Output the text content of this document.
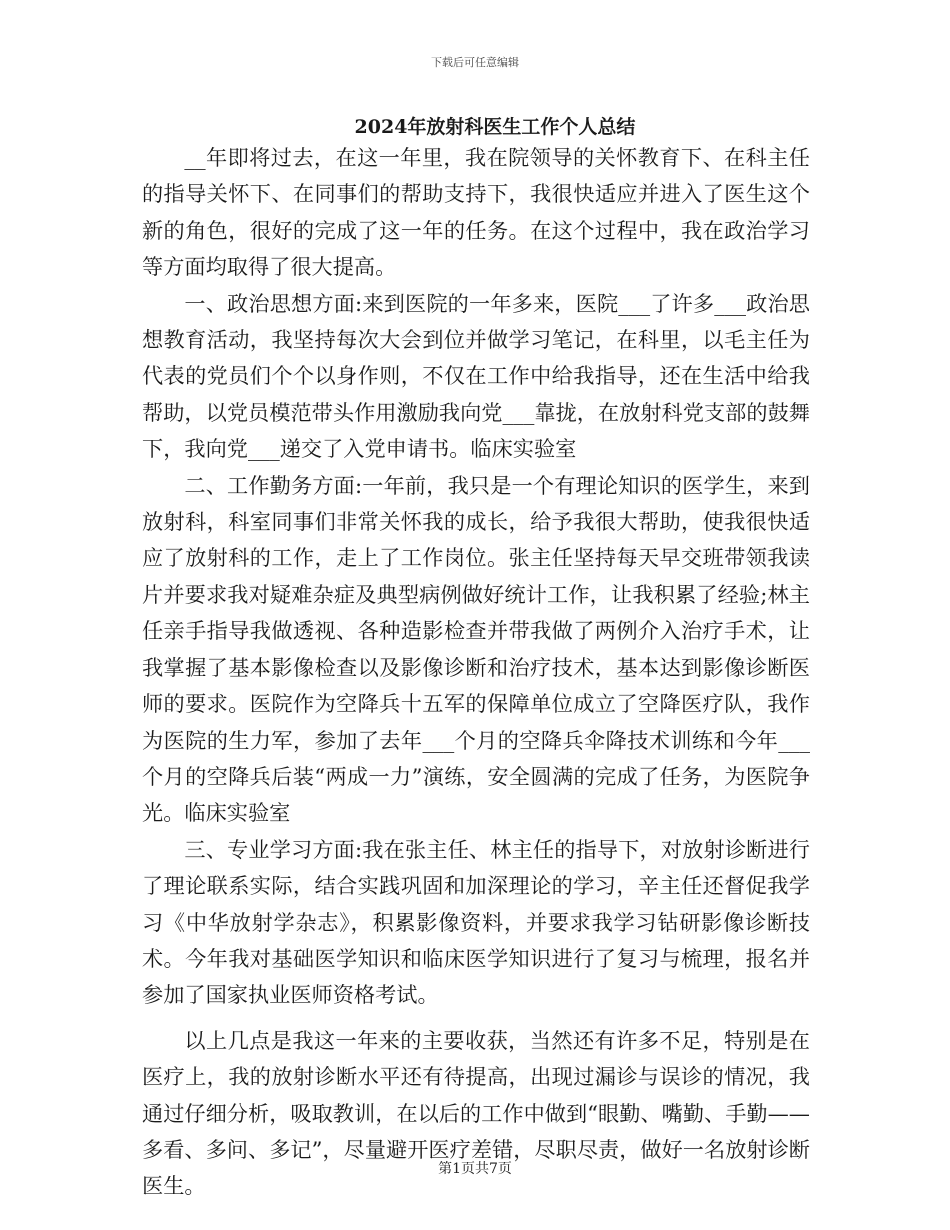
下载后可任意编辑
2024年放射科医生工作个人总结

__年即将过去，在这一年里，我在院领导的关怀教育下、在科主任的指导关怀下、在同事们的帮助支持下，我很快适应并进入了医生这个新的角色，很好的完成了这一年的任务。在这个过程中，我在政治学习等方面均取得了很大提高。

一、政治思想方面:来到医院的一年多来，医院___了许多___政治思想教育活动，我坚持每次大会到位并做学习笔记，在科里，以毛主任为代表的党员们个个以身作则，不仅在工作中给我指导，还在生活中给我帮助，以党员模范带头作用激励我向党___靠拢，在放射科党支部的鼓舞下，我向党___递交了入党申请书。临床实验室

二、工作勤务方面:一年前，我只是一个有理论知识的医学生，来到放射科，科室同事们非常关怀我的成长，给予我很大帮助，使我很快适应了放射科的工作，走上了工作岗位。张主任坚持每天早交班带领我读片并要求我对疑难杂症及典型病例做好统计工作，让我积累了经验;林主任亲手指导我做透视、各种造影检查并带我做了两例介入治疗手术，让我掌握了基本影像检查以及影像诊断和治疗技术，基本达到影像诊断医师的要求。医院作为空降兵十五军的保障单位成立了空降医疗队，我作为医院的生力军，参加了去年___个月的空降兵伞降技术训练和今年___个月的空降兵后装“两成一力”演练，安全圆满的完成了任务，为医院争光。临床实验室

三、专业学习方面:我在张主任、林主任的指导下，对放射诊断进行了理论联系实际，结合实践巩固和加深理论的学习，辛主任还督促我学习《中华放射学杂志》，积累影像资料，并要求我学习钻研影像诊断技术。今年我对基础医学知识和临床医学知识进行了复习与梳理，报名并参加了国家执业医师资格考试。

以上几点是我这一年来的主要收获，当然还有许多不足，特别是在医疗上，我的放射诊断水平还有待提高，出现过漏诊与误诊的情况，我通过仔细分析，吸取教训，在以后的工作中做到“眼勤、嘴勤、手勤——多看、多问、多记”，尽量避开医疗差错，尽职尽责，做好一名放射诊断医生。

第1页共7页
